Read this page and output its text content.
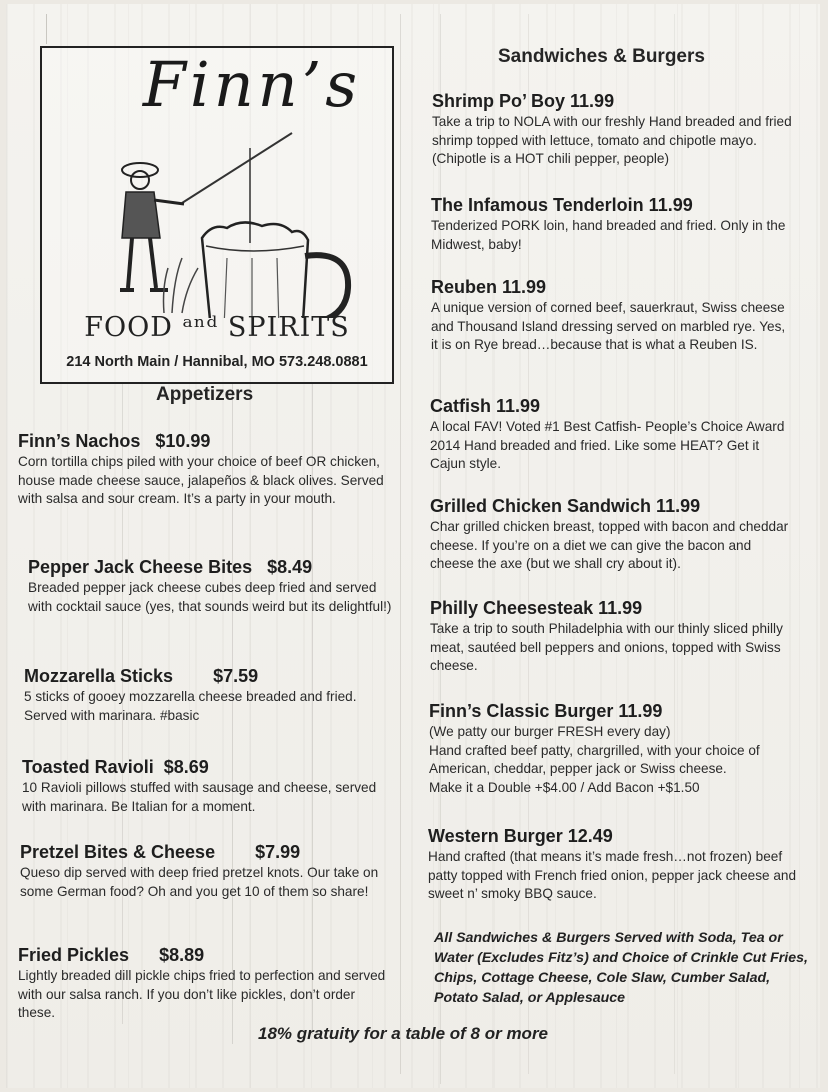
Finn’s
FOOD ᵃⁿᵈ SPIRITS
214 North Main / Hannibal, MO 573.248.0881
Appetizers
Finn’s Nachos   $10.99
Corn tortilla chips piled with your choice of beef OR chicken, house made cheese sauce, jalapeños & black olives. Served with salsa and sour cream. It’s a party in your mouth.
Pepper Jack Cheese Bites   $8.49
Breaded pepper jack cheese cubes deep fried and served with cocktail sauce (yes, that sounds weird but its delightful!)
Mozzarella Sticks        $7.59
5 sticks of gooey mozzarella cheese breaded and fried. Served with marinara. #basic
Toasted Ravioli  $8.69
10 Ravioli pillows stuffed with sausage and cheese, served with marinara. Be Italian for a moment.
Pretzel Bites & Cheese        $7.99
Queso dip served with deep fried pretzel knots. Our take on some German food? Oh and you get 10 of them so share!
Fried Pickles      $8.89
Lightly breaded dill pickle chips fried to perfection and served with our salsa ranch. If you don’t like pickles, don’t order these.
Sandwiches & Burgers
Shrimp Po’ Boy 11.99
Take a trip to NOLA with our freshly Hand breaded and fried shrimp topped with lettuce, tomato and chipotle mayo. (Chipotle is a HOT chili pepper, people)
The Infamous Tenderloin 11.99
Tenderized PORK loin, hand breaded and fried. Only in the Midwest, baby!
Reuben 11.99
A unique version of corned beef, sauerkraut, Swiss cheese and Thousand Island dressing served on marbled rye. Yes, it is on Rye bread…because that is what a Reuben IS.
Catfish 11.99
A local FAV! Voted #1 Best Catfish- People’s Choice Award 2014 Hand breaded and fried. Like some HEAT? Get it Cajun style.
Grilled Chicken Sandwich 11.99
Char grilled chicken breast, topped with bacon and cheddar cheese. If you’re on a diet we can give the bacon and cheese the axe (but we shall cry about it).
Philly Cheesesteak 11.99
Take a trip to south Philadelphia with our thinly sliced philly meat, sautéed bell peppers and onions, topped with Swiss cheese.
Finn’s Classic Burger 11.99
(We patty our burger FRESH every day)
Hand crafted beef patty, chargrilled, with your choice of American, cheddar, pepper jack or Swiss cheese.
Make it a Double +$4.00 / Add Bacon +$1.50
Western Burger 12.49
Hand crafted (that means it’s made fresh…not frozen) beef patty topped with French fried onion, pepper jack cheese and sweet n’ smoky BBQ sauce.
All Sandwiches & Burgers Served with Soda, Tea or Water (Excludes Fitz’s) and Choice of Crinkle Cut Fries, Chips, Cottage Cheese, Cole Slaw, Cumber Salad, Potato Salad, or Applesauce
18% gratuity for a table of 8 or more
